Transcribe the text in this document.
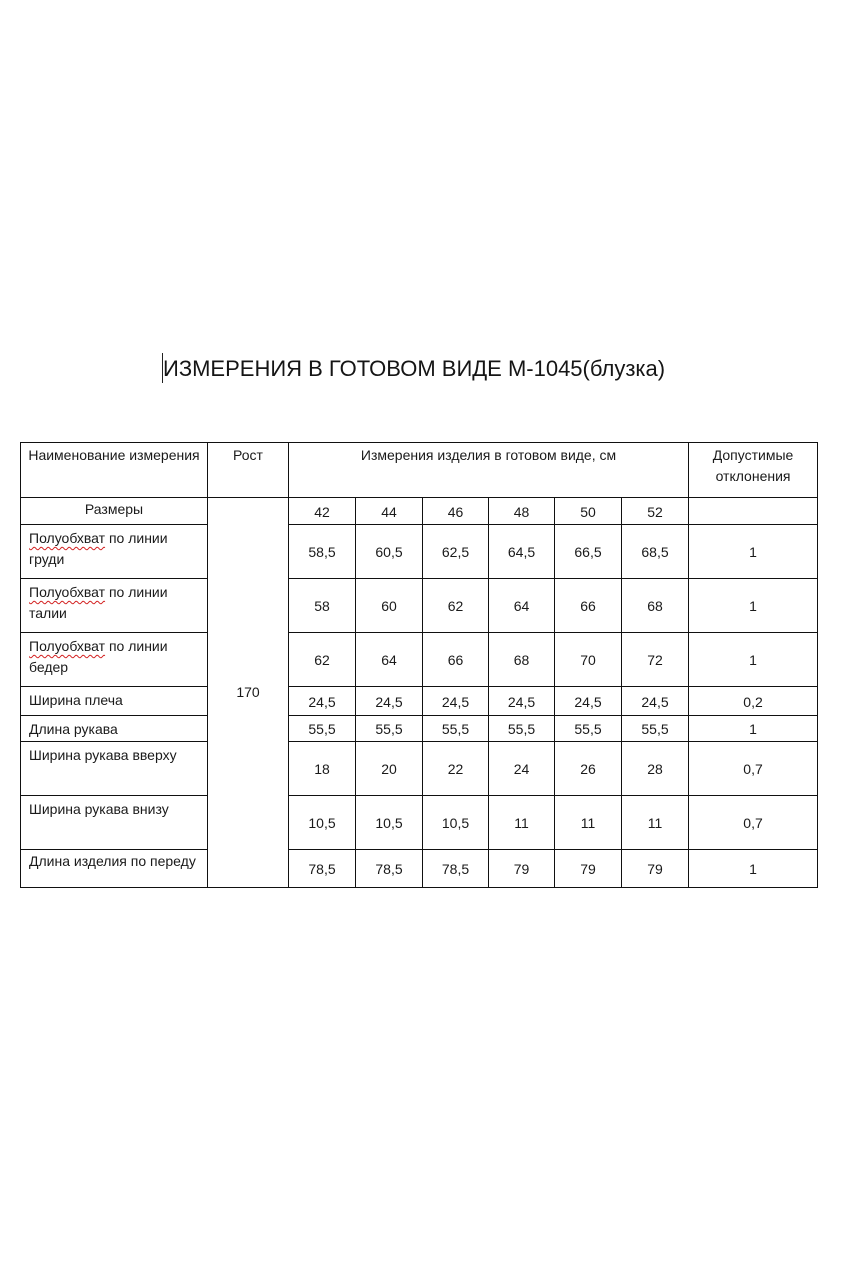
ИЗМЕРЕНИЯ В ГОТОВОМ ВИДЕ М-1045(блузка)
Наименование измерения	Рост	Измерения изделия в готовом виде, см						Допустимые отклонения
Размеры	170	42	44	46	48	50	52	
Полуобхват по линии груди		58,5	60,5	62,5	64,5	66,5	68,5	1
Полуобхват по линии талии		58	60	62	64	66	68	1
Полуобхват по линии бедер		62	64	66	68	70	72	1
Ширина плеча		24,5	24,5	24,5	24,5	24,5	24,5	0,2
Длина рукава		55,5	55,5	55,5	55,5	55,5	55,5	1
Ширина рукава вверху		18	20	22	24	26	28	0,7
Ширина рукава внизу		10,5	10,5	10,5	11	11	11	0,7
Длина изделия по переду		78,5	78,5	78,5	79	79	79	1
